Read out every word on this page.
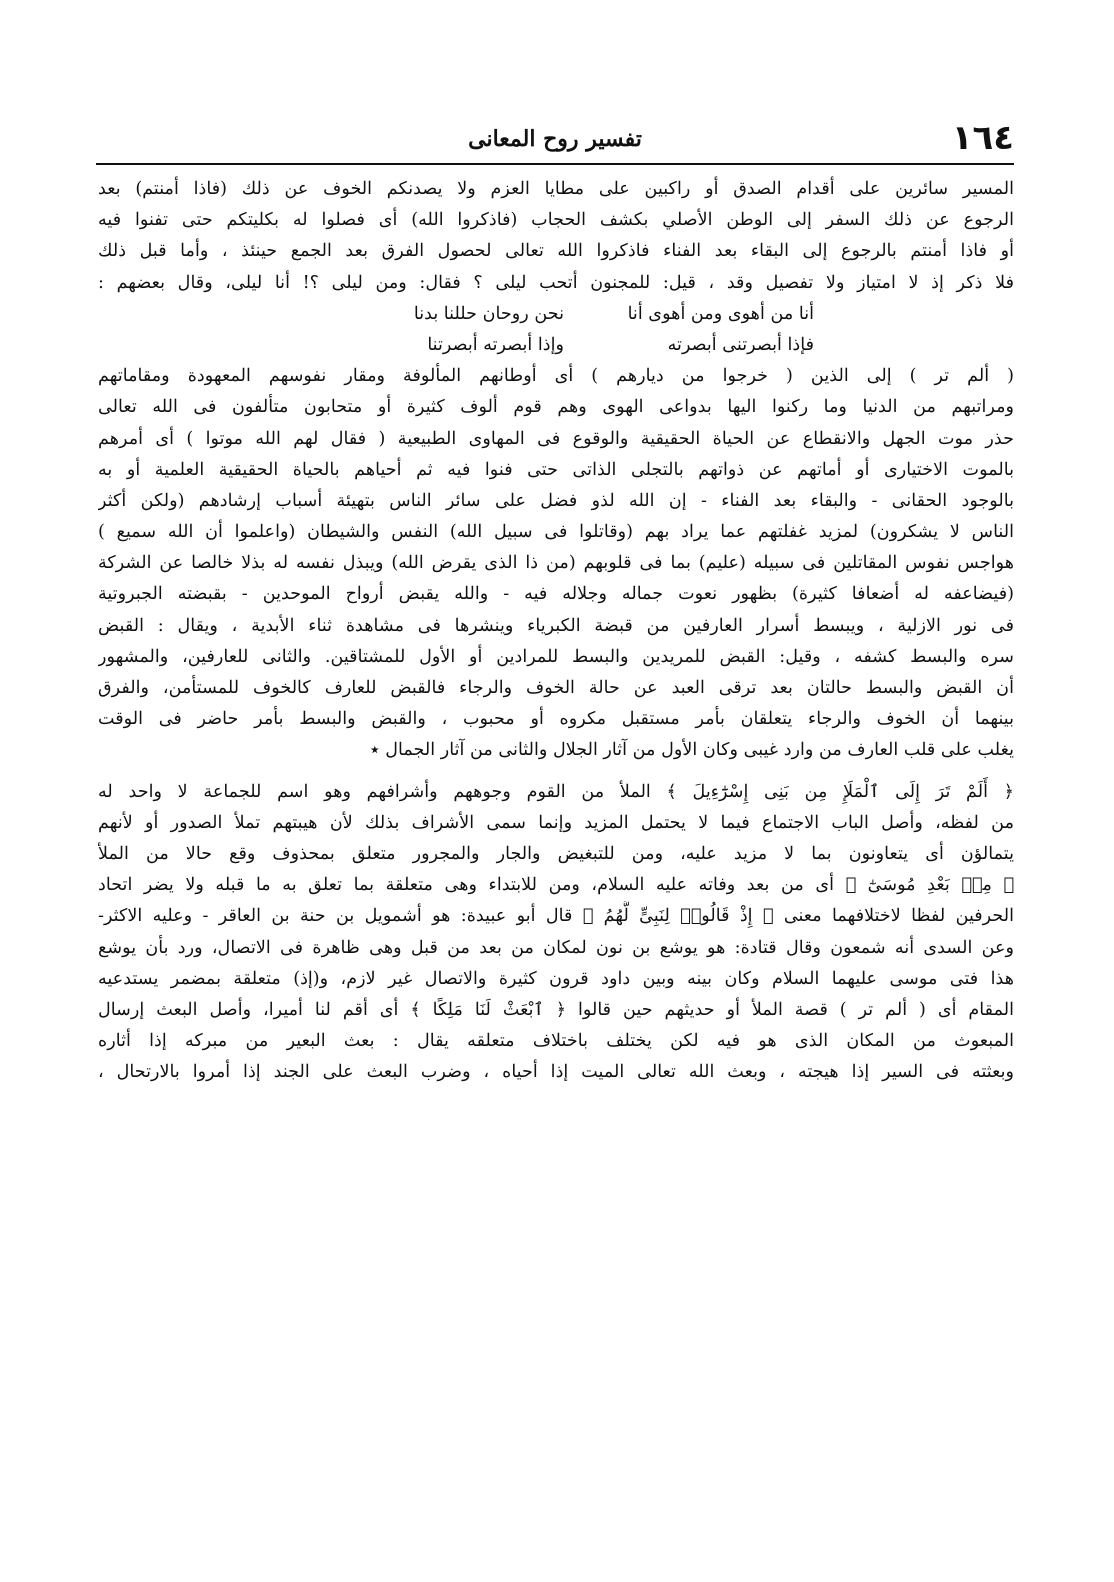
١٦٤
تفسير روح المعانى
المسير سائرين على أقدام الصدق أو راكبين على مطايا العزم ولا يصدنكم الخوف عن ذلك (فاذا أمنتم) بعد
الرجوع عن ذلك السفر إلى الوطن الأصلي بكشف الحجاب (فاذكروا الله) أى فصلوا له بكليتكم حتى تفنوا فيه
أو فاذا أمنتم بالرجوع إلى البقاء بعد الفناء فاذكروا الله تعالى لحصول الفرق بعد الجمع حينئذ ، وأما قبل ذلك
فلا ذكر إذ لا امتياز ولا تفصيل وقد ، قيل: للمجنون أتحب ليلى ؟ فقال: ومن ليلى ؟! أنا ليلى، وقال بعضهم :
أنا من أهوى ومن أهوى أنا
نحن روحان حللنا بدنا
فإذا أبصرتنى أبصرته
وإذا أبصرته أبصرتنا
( ألم تر ) إلى الذين ( خرجوا من ديارهم ) أى أوطانهم المألوفة ومقار نفوسهم المعهودة ومقاماتهم
ومراتبهم من الدنيا وما ركنوا اليها بدواعى الهوى وهم قوم ألوف كثيرة أو متحابون متألفون فى الله تعالى
حذر موت الجهل والانقطاع عن الحياة الحقيقية والوقوع فى المهاوى الطبيعية ( فقال لهم الله موتوا ) أى أمرهم
بالموت الاختيارى أو أماتهم عن ذواتهم بالتجلى الذاتى حتى فنوا فيه ثم أحياهم بالحياة الحقيقية العلمية أو به
بالوجود الحقانى - والبقاء بعد الفناء - إن الله لذو فضل على سائر الناس بتهيئة أسباب إرشادهم (ولكن أكثر
الناس لا يشكرون) لمزيد غفلتهم عما يراد بهم (وقاتلوا فى سبيل الله) النفس والشيطان (واعلموا أن الله سميع )
هواجس نفوس المقاتلين فى سبيله (عليم) بما فى قلوبهم (من ذا الذى يقرض الله) ويبذل نفسه له بذلا خالصا عن الشركة
(فيضاعفه له أضعافا كثيرة) بظهور نعوت جماله وجلاله فيه - والله يقبض أرواح الموحدين - بقبضته الجبروتية
فى نور الازلية ، ويبسط أسرار العارفين من قبضة الكبرياء وينشرها فى مشاهدة ثناء الأبدية ، ويقال : القبض
سره والبسط كشفه ، وقيل: القبض للمريدين والبسط للمرادين أو الأول للمشتاقين. والثانى للعارفين، والمشهور
أن القبض والبسط حالتان بعد ترقى العبد عن حالة الخوف والرجاء فالقبض للعارف كالخوف للمستأمن، والفرق
بينهما أن الخوف والرجاء يتعلقان بأمر مستقبل مكروه أو محبوب ، والقبض والبسط بأمر حاضر فى الوقت
يغلب على قلب العارف من وارد غيبى وكان الأول من آثار الجلال والثانى من آثار الجمال ٭
﴿ أَلَمْ تَرَ إِلَى ٱلْمَلَإِ مِن بَنِى إِسْرَٰٓءِيلَ ﴾ الملأ من القوم وجوههم وأشرافهم وهو اسم للجماعة لا واحد له
من لفظه، وأصل الباب الاجتماع فيما لا يحتمل المزيد وإنما سمى الأشراف بذلك لأن هيبتهم تملأ الصدور أو لأنهم
يتمالؤن أى يتعاونون بما لا مزيد عليه، ومن للتبغيض والجار والمجرور متعلق بمحذوف وقع حالا من الملأ
﴿ مِنۢ بَعْدِ مُوسَىٰٓ ﴾ أى من بعد وفاته عليه السلام، ومن للابتداء وهى متعلقة بما تعلق به ما قبله ولا يضر اتحاد
الحرفين لفظا لاختلافهما معنى ﴿ إِذْ قَالُوا۟ لِنَبِىٍّ لَّهُمُ ﴾ قال أبو عبيدة: هو أشمويل بن حنة بن العاقر - وعليه الاكثر-
وعن السدى أنه شمعون وقال قتادة: هو يوشع بن نون لمكان من بعد من قبل وهى ظاهرة فى الاتصال، ورد بأن يوشع
هذا فتى موسى عليهما السلام وكان بينه وبين داود قرون كثيرة والاتصال غير لازم، و(إذ) متعلقة بمضمر يستدعيه
المقام أى ( ألم تر ) قصة الملأ أو حديثهم حين قالوا ﴿ ٱبْعَثْ لَنَا مَلِكًا ﴾ أى أقم لنا أميرا، وأصل البعث إرسال
المبعوث من المكان الذى هو فيه لكن يختلف باختلاف متعلقه يقال : بعث البعير من مبركه إذا أثاره
وبعثته فى السير إذا هيجته ، وبعث الله تعالى الميت إذا أحياه ، وضرب البعث على الجند إذا أمروا بالارتحال ،
